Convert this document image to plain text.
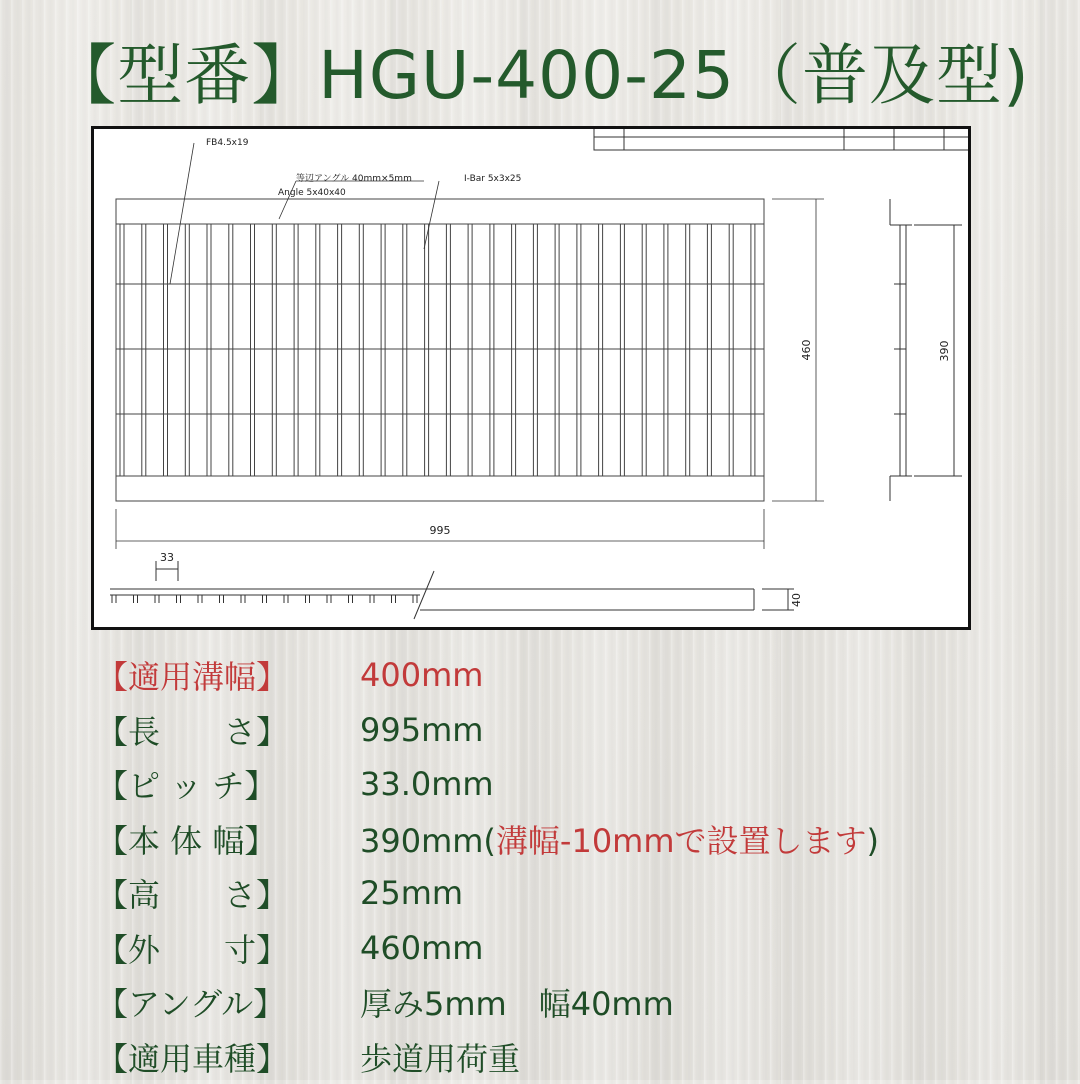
【型番】HGU-400-25（普及型)
FB4.5x19
等辺アングル 40mm×5mm
Angle 5x40x40
I-Bar 5x3x25
460
995
390
33
40
【適用溝幅】	400mm
【長　　さ】	995mm
【ピ ッ チ】	33.0mm
【本 体 幅】	390mm(溝幅-10mmで設置します)
【高　　さ】	25mm
【外　　寸】	460mm
【アングル】	厚み5mm　幅40mm
【適用車種】	歩道用荷重
